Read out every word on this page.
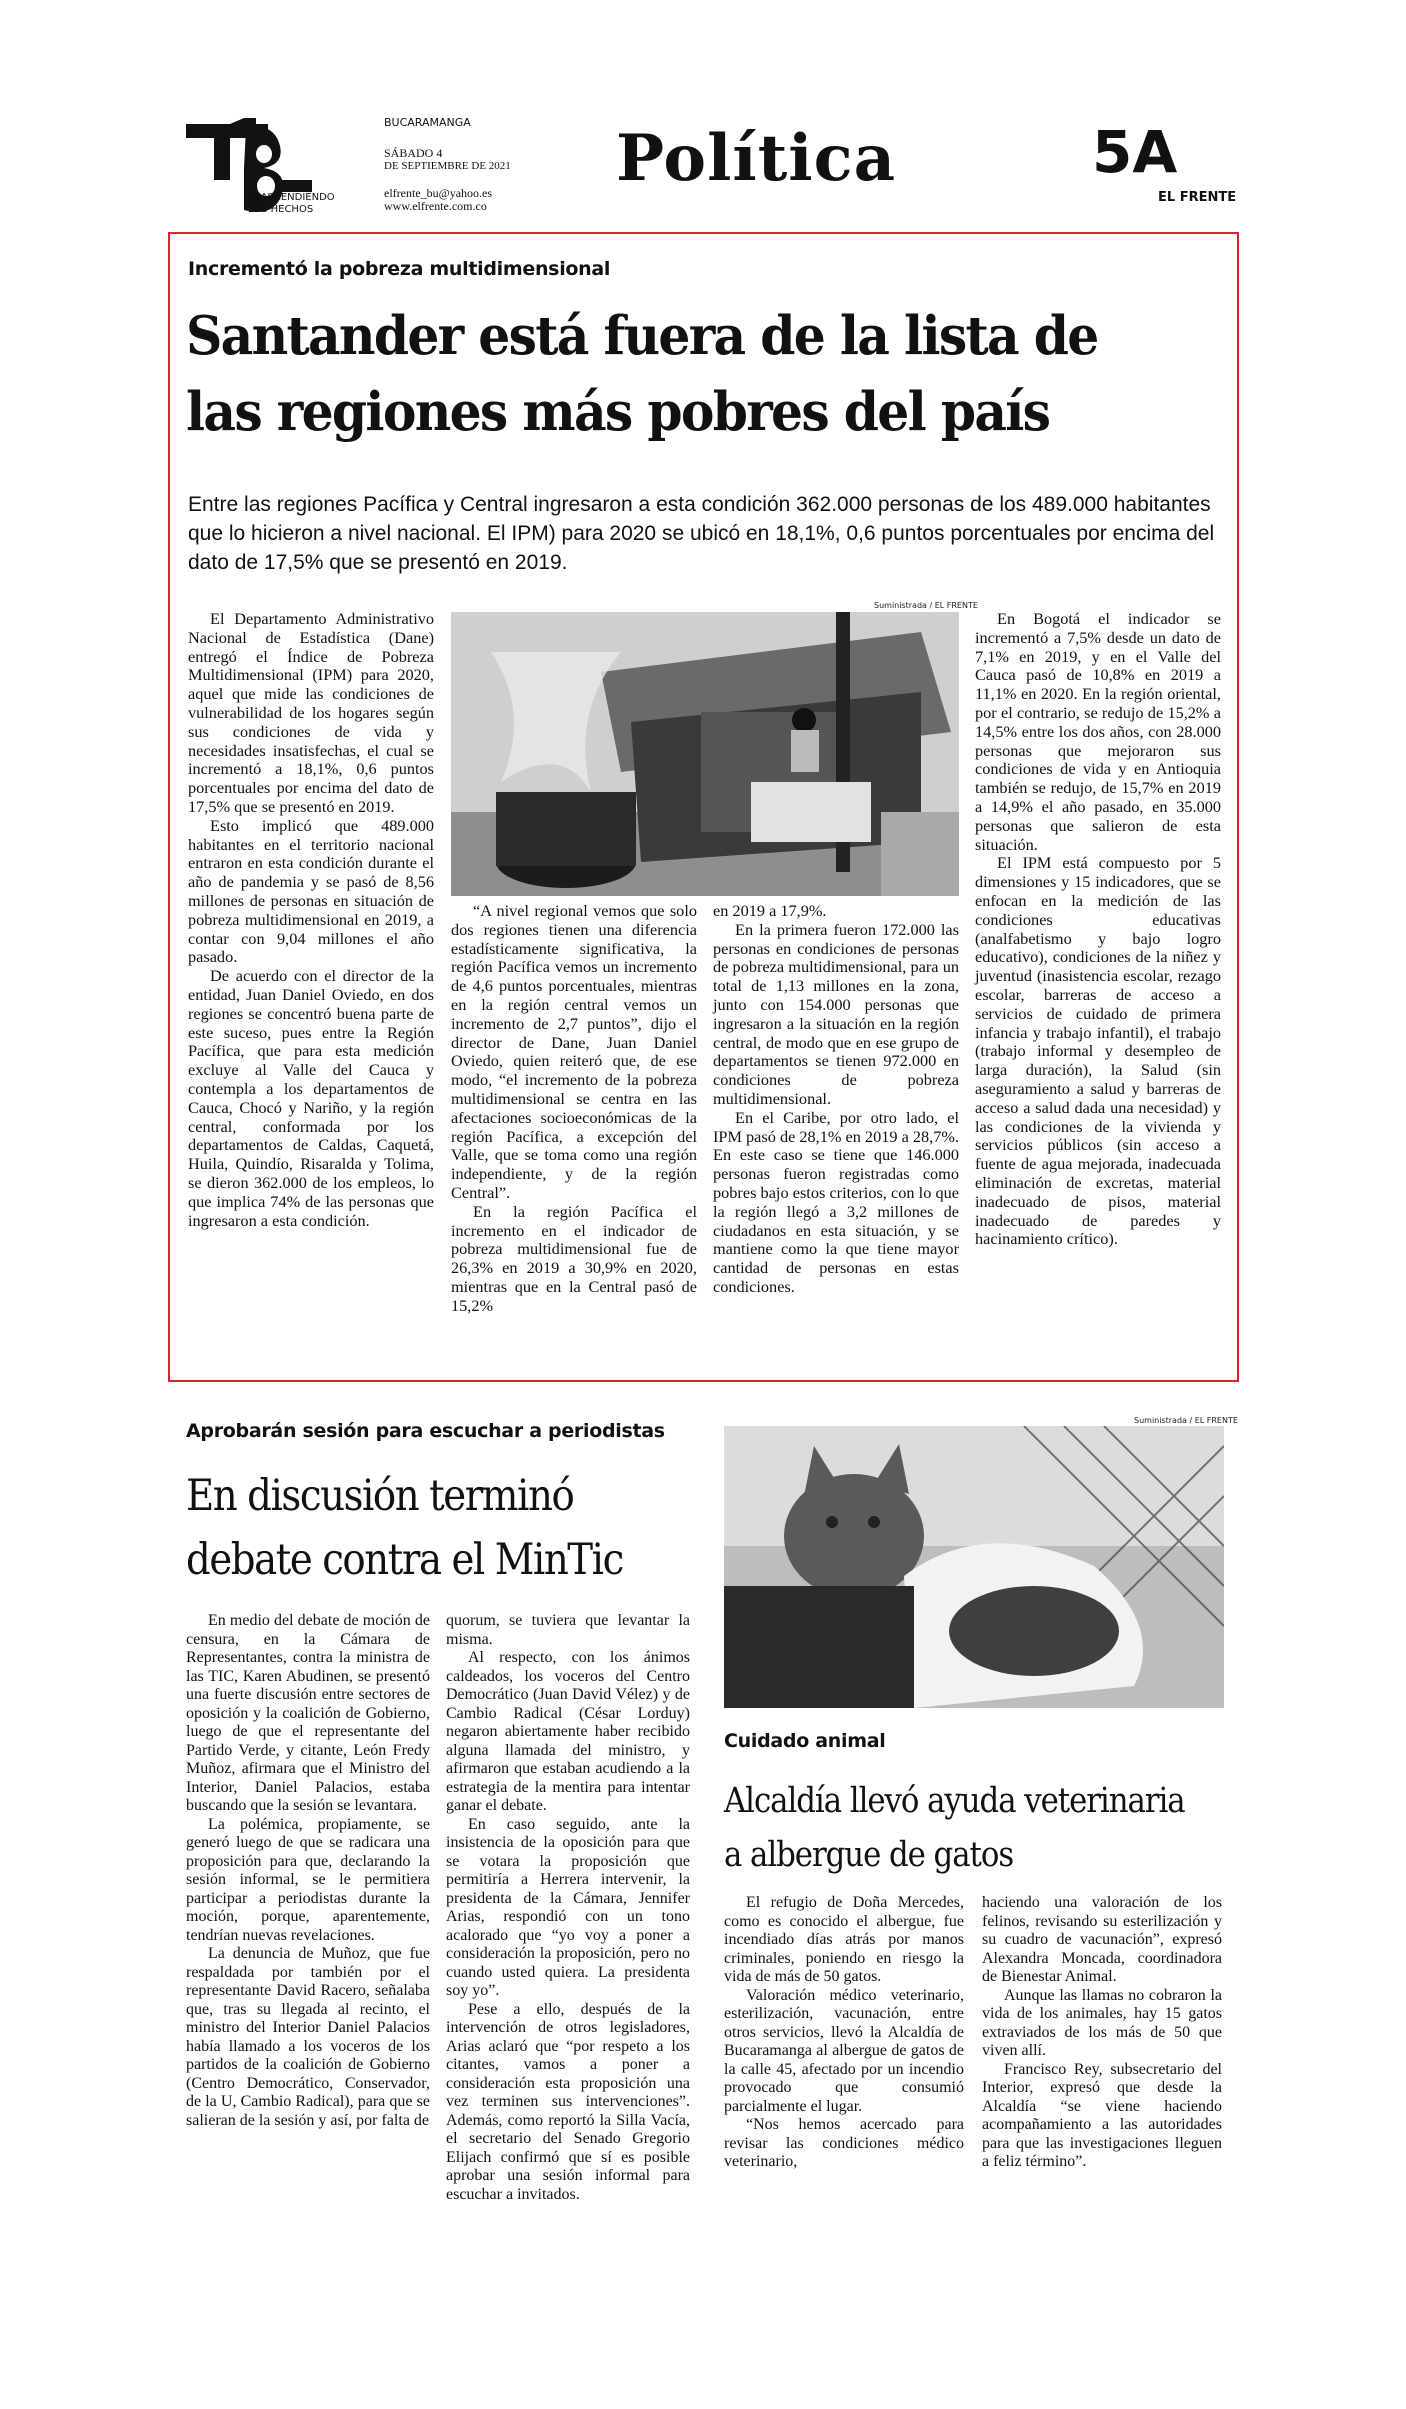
TRASCENDIENDO
LOS HECHOS
BUCARAMANGA
SÁBADO 4
DE SEPTIEMBRE DE 2021
elfrente_bu@yahoo.es
www.elfrente.com.co
Política	5A
EL FRENTE
Incrementó la pobreza multidimensional
Santander está fuera de la lista de
las regiones más pobres del país
Entre las regiones Pacífica y Central ingresaron a esta condición 362.000 personas de los 489.000 habitantes que lo hicieron a nivel nacional. El IPM) para 2020 se ubicó en 18,1%, 0,6 puntos porcentuales por encima del dato de 17,5% que se presentó en 2019.

El Departamento Administrativo Nacional de Estadística (Dane) entregó el Índice de Pobreza Multidimensional (IPM) para 2020, aquel que mide las condiciones de vulnerabilidad de los hogares según sus condiciones de vida y necesidades insatisfechas, el cual se incrementó a 18,1%, 0,6 puntos porcentuales por encima del dato de 17,5% que se presentó en 2019.

Esto implicó que 489.000 habitantes en el territorio nacional entraron en esta condición durante el año de pandemia y se pasó de 8,56 millones de personas en situación de pobreza multidimensional en 2019, a contar con 9,04 millones el año pasado.

De acuerdo con el director de la entidad, Juan Daniel Oviedo, en dos regiones se concentró buena parte de este suceso, pues entre la Región Pacífica, que para esta medición excluye al Valle del Cauca y contempla a los departamentos de Cauca, Chocó y Nariño, y la región central, conformada por los departamentos de Caldas, Caquetá, Huila, Quindío, Risaralda y Tolima, se dieron 362.000 de los empleos, lo que implica 74% de las personas que ingresaron a esta condición.

Suministrada / EL FRENTE

“A nivel regional vemos que solo dos regiones tienen una diferencia estadísticamente significativa, la región Pacífica vemos un incremento de 4,6 puntos porcentuales, mientras en la región central vemos un incremento de 2,7 puntos”, dijo el director de Dane, Juan Daniel Oviedo, quien reiteró que, de ese modo, “el incremento de la pobreza multidimensional se centra en las afectaciones socioeconómicas de la región Pacífica, a excepción del Valle, que se toma como una región independiente, y de la región Central”.

En la región Pacífica el incremento en el indicador de pobreza multidimensional fue de 26,3% en 2019 a 30,9% en 2020, mientras que en la Central pasó de 15,2%

en 2019 a 17,9%.

En la primera fueron 172.000 las personas en condiciones de personas de pobreza multidimensional, para un total de 1,13 millones en la zona, junto con 154.000 personas que ingresaron a la situación en la región central, de modo que en ese grupo de departamentos se tienen 972.000 en condiciones de pobreza multidimensional.

En el Caribe, por otro lado, el IPM pasó de 28,1% en 2019 a 28,7%. En este caso se tiene que 146.000 personas fueron registradas como pobres bajo estos criterios, con lo que la región llegó a 3,2 millones de ciudadanos en esta situación, y se mantiene como la que tiene mayor cantidad de personas en estas condiciones.

En Bogotá el indicador se incrementó a 7,5% desde un dato de 7,1% en 2019, y en el Valle del Cauca pasó de 10,8% en 2019 a 11,1% en 2020. En la región oriental, por el contrario, se redujo de 15,2% a 14,5% entre los dos años, con 28.000 personas que mejoraron sus condiciones de vida y en Antioquia también se redujo, de 15,7% en 2019 a 14,9% el año pasado, en 35.000 personas que salieron de esta situación.

El IPM está compuesto por 5 dimensiones y 15 indicadores, que se enfocan en la medición de las condiciones educativas (analfabetismo y bajo logro educativo), condiciones de la niñez y juventud (inasistencia escolar, rezago escolar, barreras de acceso a servicios de cuidado de primera infancia y trabajo infantil), el trabajo (trabajo informal y desempleo de larga duración), la Salud (sin aseguramiento a salud y barreras de acceso a salud dada una necesidad) y las condiciones de la vivienda y servicios públicos (sin acceso a fuente de agua mejorada, inadecuada eliminación de excretas, material inadecuado de pisos, material inadecuado de paredes y hacinamiento crítico).

Aprobarán sesión para escuchar a periodistas
En discusión terminó
debate contra el MinTic

En medio del debate de moción de censura, en la Cámara de Representantes, contra la ministra de las TIC, Karen Abudinen, se presentó una fuerte discusión entre sectores de oposición y la coalición de Gobierno, luego de que el representante del Partido Verde, y citante, León Fredy Muñoz, afirmara que el Ministro del Interior, Daniel Palacios, estaba buscando que la sesión se levantara.

La polémica, propiamente, se generó luego de que se radicara una proposición para que, declarando la sesión informal, se le permitiera participar a periodistas durante la moción, porque, aparentemente, tendrían nuevas revelaciones.

La denuncia de Muñoz, que fue respaldada por también por el representante David Racero, señalaba que, tras su llegada al recinto, el ministro del Interior Daniel Palacios había llamado a los voceros de los partidos de la coalición de Gobierno (Centro Democrático, Conservador, de la U, Cambio Radical), para que se salieran de la sesión y así, por falta de

quorum, se tuviera que levantar la misma.

Al respecto, con los ánimos caldeados, los voceros del Centro Democrático (Juan David Vélez) y de Cambio Radical (César Lorduy) negaron abiertamente haber recibido alguna llamada del ministro, y afirmaron que estaban acudiendo a la estrategia de la mentira para intentar ganar el debate.

En caso seguido, ante la insistencia de la oposición para que se votara la proposición que permitiría a Herrera intervenir, la presidenta de la Cámara, Jennifer Arias, respondió con un tono acalorado que “yo voy a poner a consideración la proposición, pero no cuando usted quiera. La presidenta soy yo”.

Pese a ello, después de la intervención de otros legisladores, Arias aclaró que “por respeto a los citantes, vamos a poner a consideración esta proposición una vez terminen sus intervenciones”. Además, como reportó la Silla Vacía, el secretario del Senado Gregorio Elijach confirmó que sí es posible aprobar una sesión informal para escuchar a invitados.

Suministrada / EL FRENTE
Cuidado animal
Alcaldía llevó ayuda veterinaria
a albergue de gatos

El refugio de Doña Mercedes, como es conocido el albergue, fue incendiado días atrás por manos criminales, poniendo en riesgo la vida de más de 50 gatos.

Valoración médico veterinario, esterilización, vacunación, entre otros servicios, llevó la Alcaldía de Bucaramanga al albergue de gatos de la calle 45, afectado por un incendio provocado que consumió parcialmente el lugar.

“Nos hemos acercado para revisar las condiciones médico veterinario,

haciendo una valoración de los felinos, revisando su esterilización y su cuadro de vacunación”, expresó Alexandra Moncada, coordinadora de Bienestar Animal.

Aunque las llamas no cobraron la vida de los animales, hay 15 gatos extraviados de los más de 50 que viven allí.

Francisco Rey, subsecretario del Interior, expresó que desde la Alcaldía “se viene haciendo acompañamiento a las autoridades para que las investigaciones lleguen a feliz término”.
